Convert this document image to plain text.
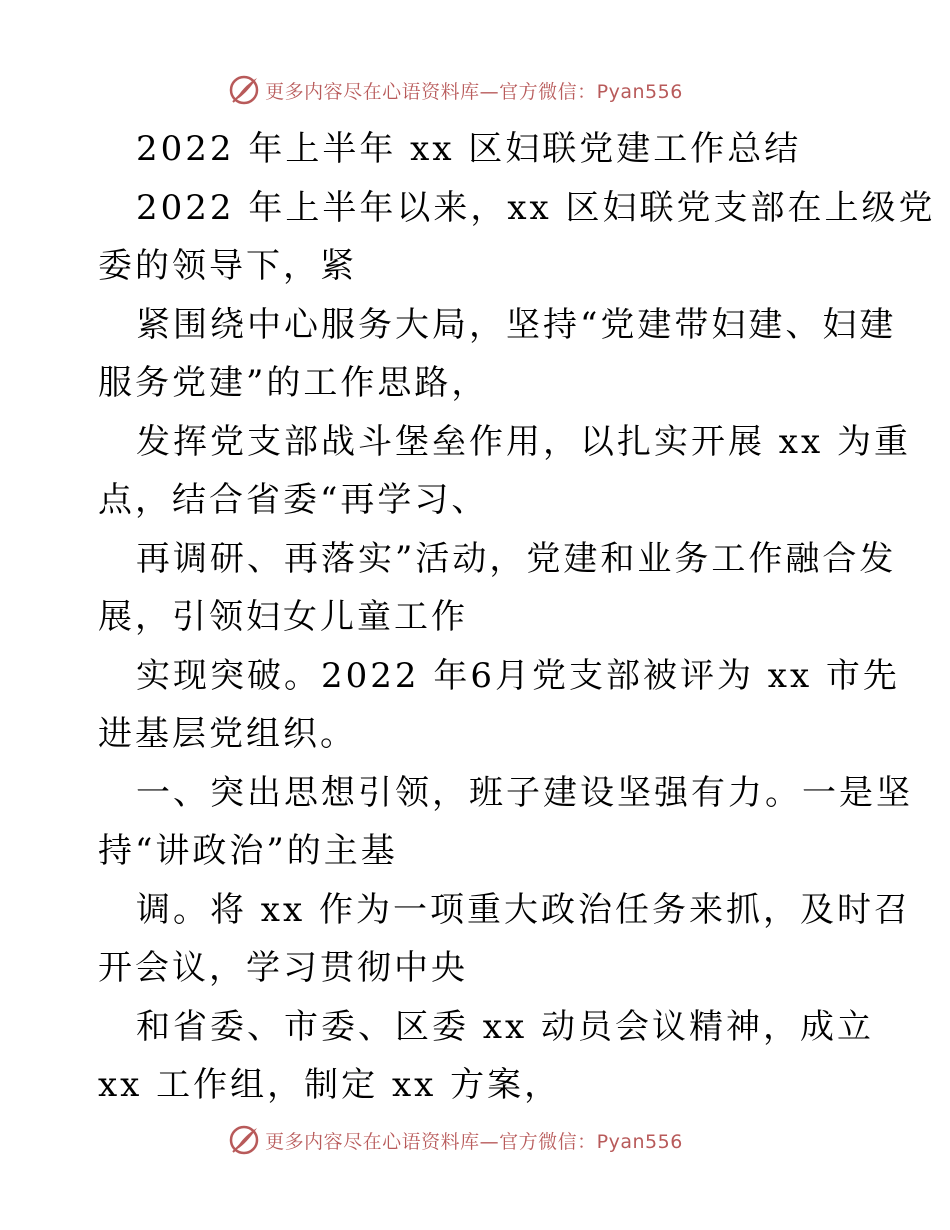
更多内容尽在心语资料库—官方微信：Pyan556
2022 年上半年 xx 区妇联党建工作总结
2022 年上半年以来，xx 区妇联党支部在上级党
委的领导下，紧
紧围绕中心服务大局，坚持“党建带妇建、妇建
服务党建”的工作思路，
发挥党支部战斗堡垒作用，以扎实开展 xx 为重
点，结合省委“再学习、
再调研、再落实”活动，党建和业务工作融合发
展，引领妇女儿童工作
实现突破。2022 年6月党支部被评为 xx 市先
进基层党组织。
一、突出思想引领，班子建设坚强有力。一是坚
持“讲政治”的主基
调。将 xx 作为一项重大政治任务来抓，及时召
开会议，学习贯彻中央
和省委、市委、区委 xx 动员会议精神，成立
xx 工作组，制定 xx 方案，
更多内容尽在心语资料库—官方微信：Pyan556
